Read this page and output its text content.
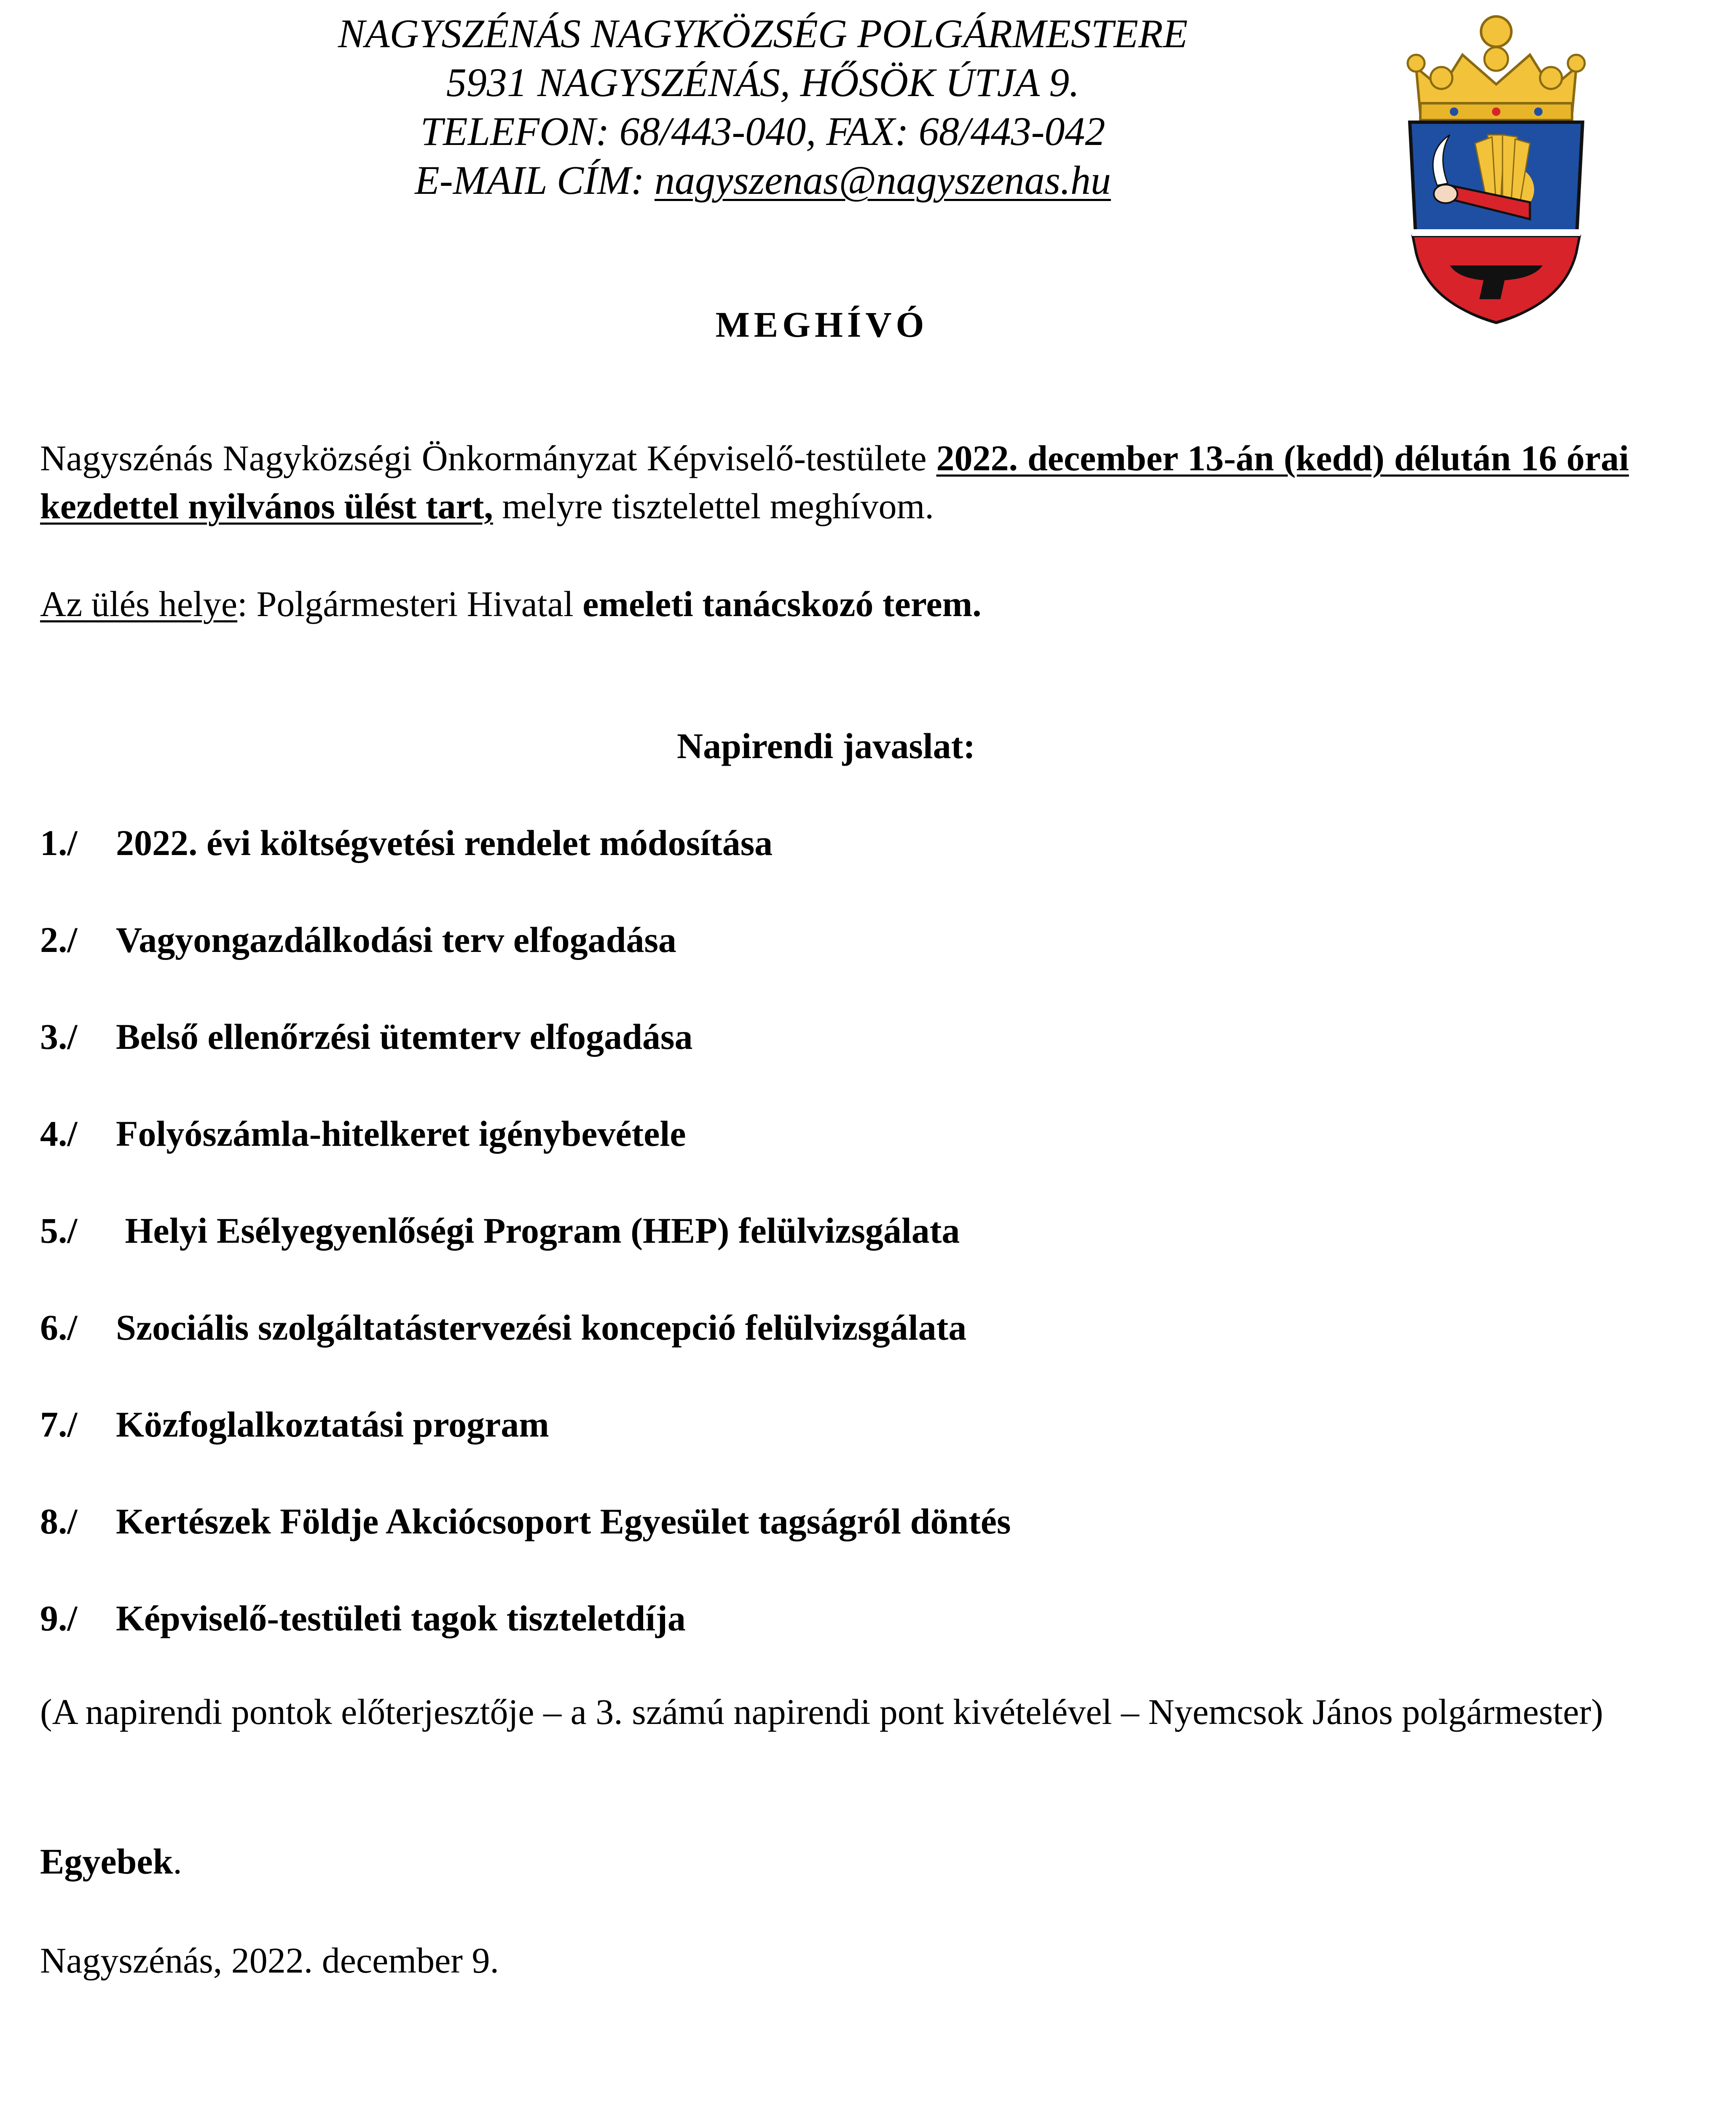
NAGYSZÉNÁS NAGYKÖZSÉG POLGÁRMESTERE
5931 NAGYSZÉNÁS, HŐSÖK ÚTJA 9.
TELEFON: 68/443-040, FAX: 68/443-042
E-MAIL CÍM: nagyszenas@nagyszenas.hu
MEGHÍVÓ
Nagyszénás Nagyközségi Önkormányzat Képviselő-testülete 2022. december 13-án (kedd) délután 16 órai kezdettel nyilvános ülést tart, melyre tisztelettel meghívom.
Az ülés helye: Polgármesteri Hivatal emeleti tanácskozó terem.
Napirendi javaslat:
1./ 2022. évi költségvetési rendelet módosítása
2./ Vagyongazdálkodási terv elfogadása
3./ Belső ellenőrzési ütemterv elfogadása
4./ Folyószámla-hitelkeret igénybevétele
5./ Helyi Esélyegyenlőségi Program (HEP) felülvizsgálata
6./ Szociális szolgáltatástervezési koncepció felülvizsgálata
7./ Közfoglalkoztatási program
8./ Kertészek Földje Akciócsoport Egyesület tagságról döntés
9./ Képviselő-testületi tagok tiszteletdíja
(A napirendi pontok előterjesztője – a 3. számú napirendi pont kivételével – Nyemcsok János polgármester)
Egyebek.
Nagyszénás, 2022. december 9.
